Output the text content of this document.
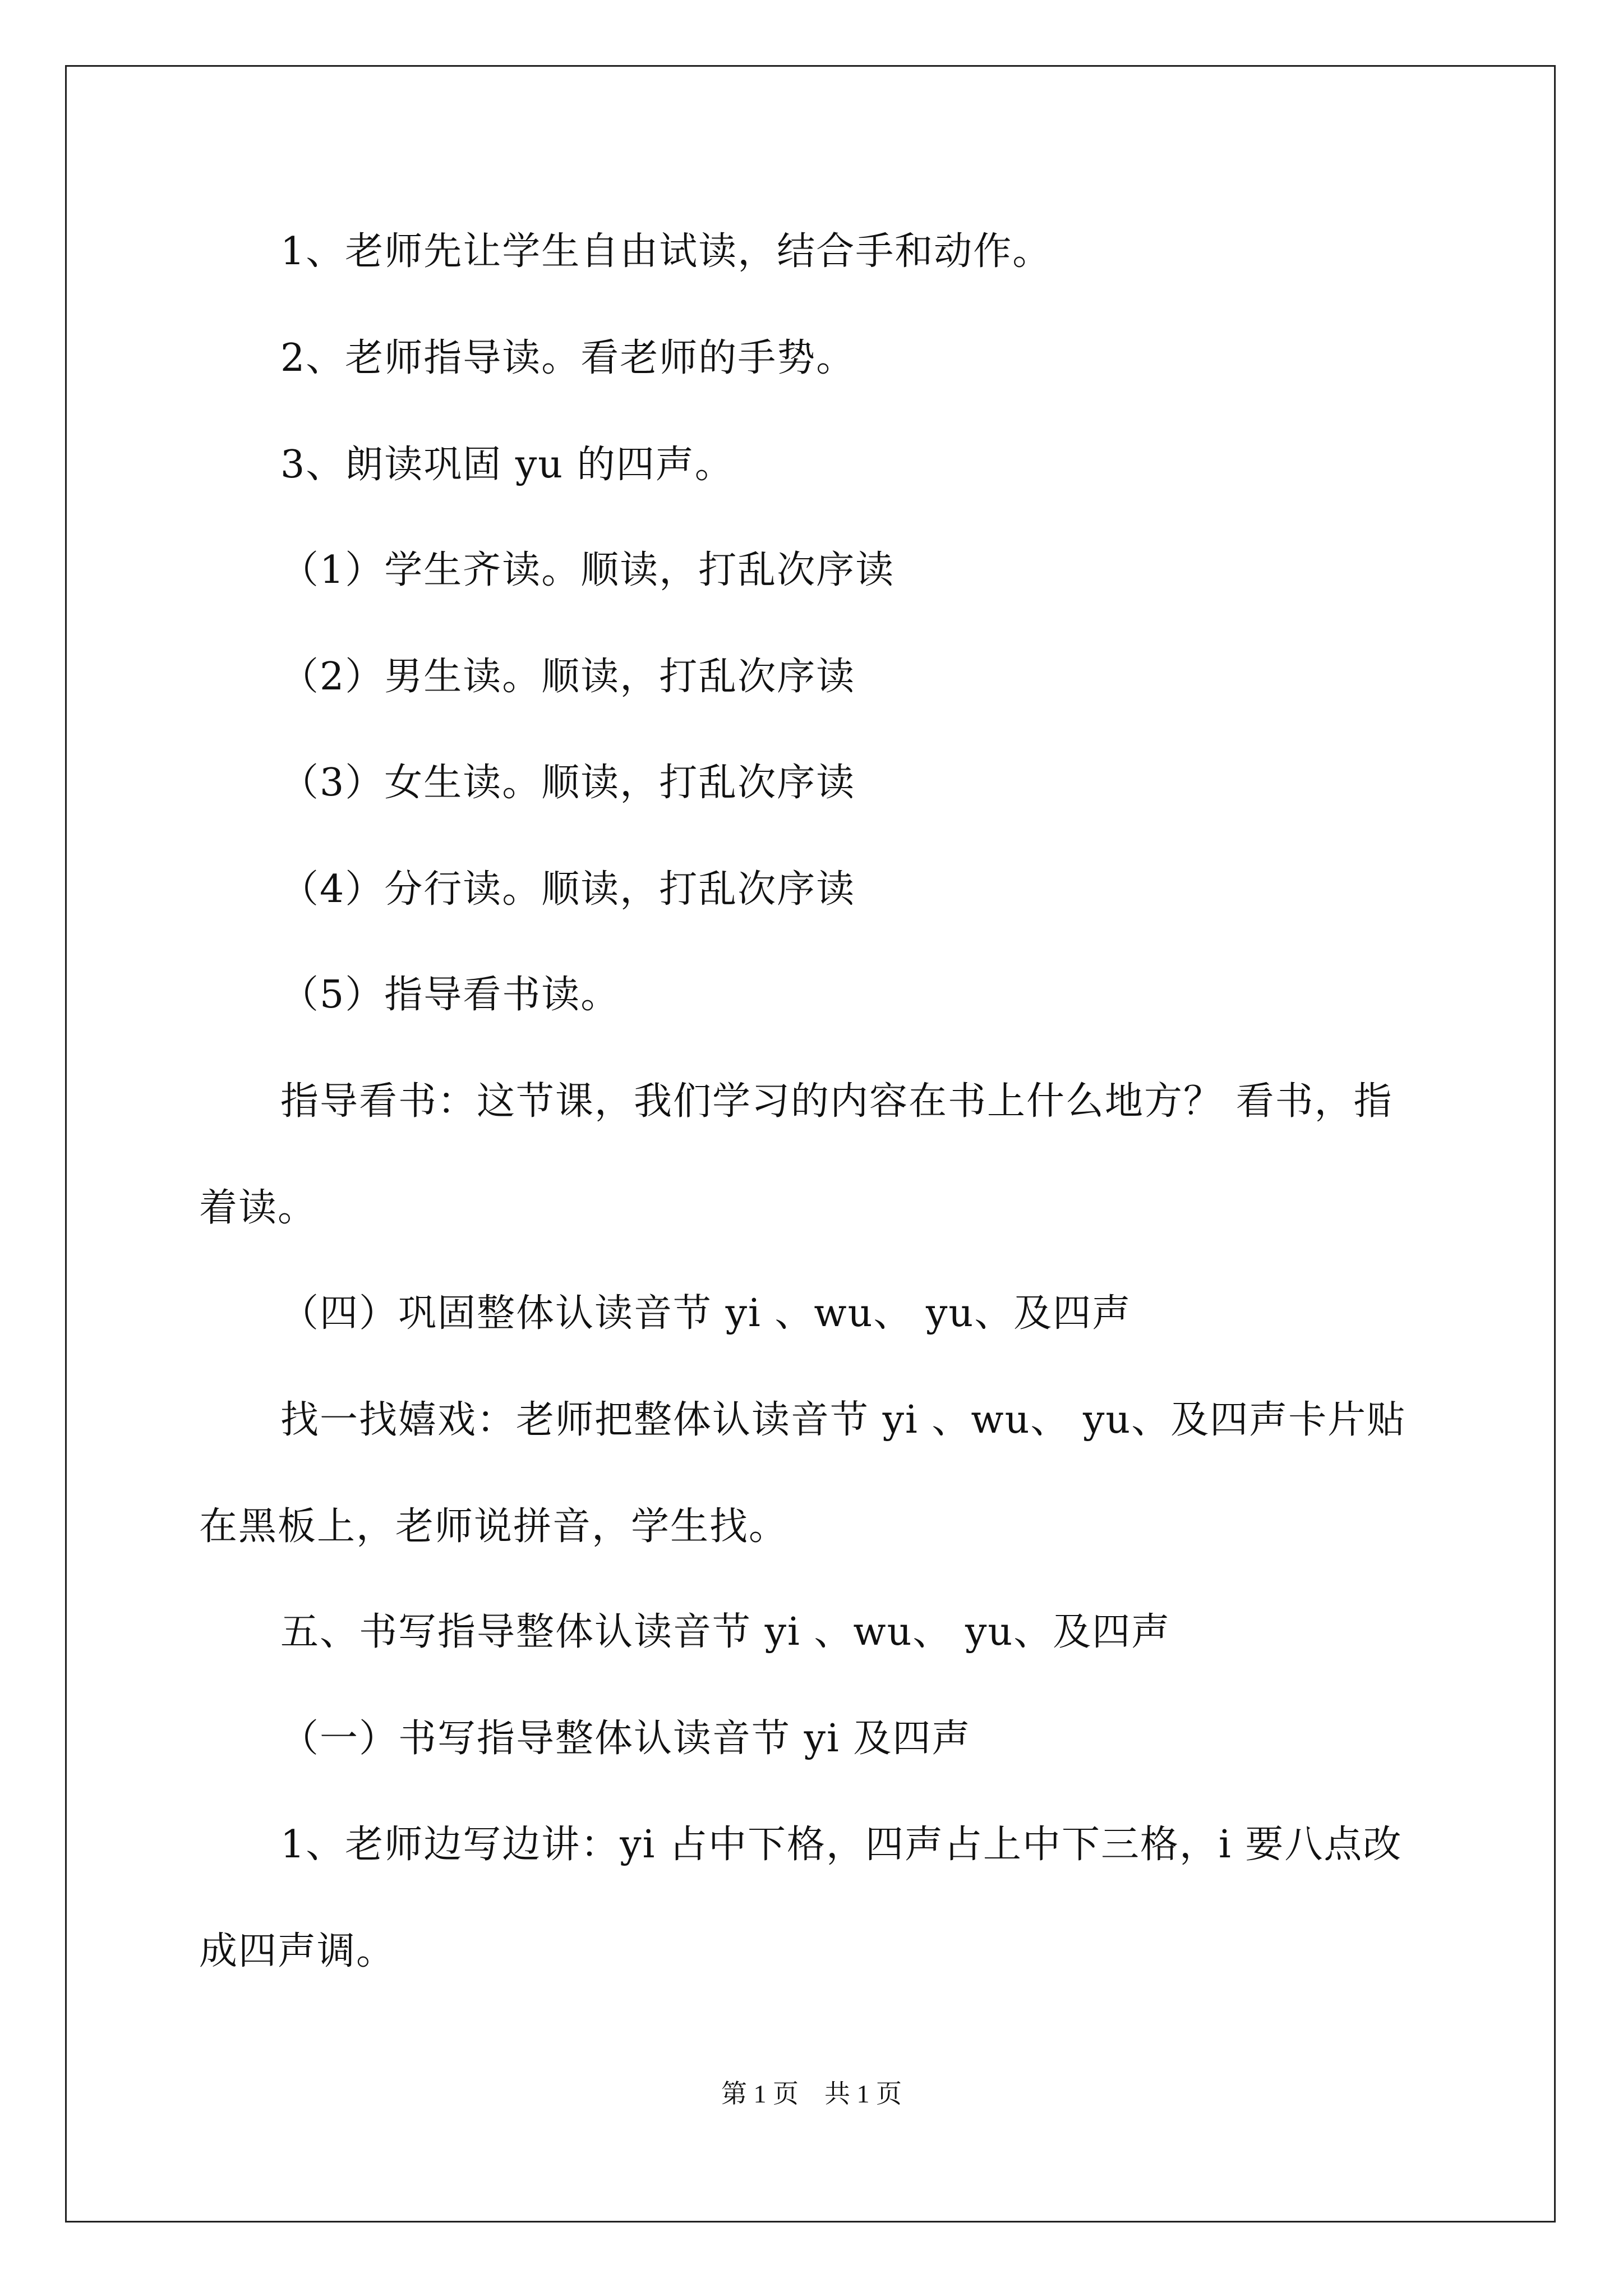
1、老师先让学生自由试读，结合手和动作。

2、老师指导读。看老师的手势。

3、朗读巩固 yu 的四声。

（1）学生齐读。顺读，打乱次序读

（2）男生读。顺读，打乱次序读

（3）女生读。顺读，打乱次序读

（4）分行读。顺读，打乱次序读

（5）指导看书读。

指导看书：这节课，我们学习的内容在书上什么地方？ 看书，指

着读。

（四）巩固整体认读音节 yi 、wu、 yu、及四声

找一找嬉戏：老师把整体认读音节 yi 、wu、 yu、及四声卡片贴

在黑板上，老师说拼音，学生找。

五、书写指导整体认读音节 yi 、wu、 yu、及四声

（一）书写指导整体认读音节 yi 及四声

1、老师边写边讲：yi 占中下格，四声占上中下三格，i 要八点改

成四声调。

第 1 页　共 1 页
